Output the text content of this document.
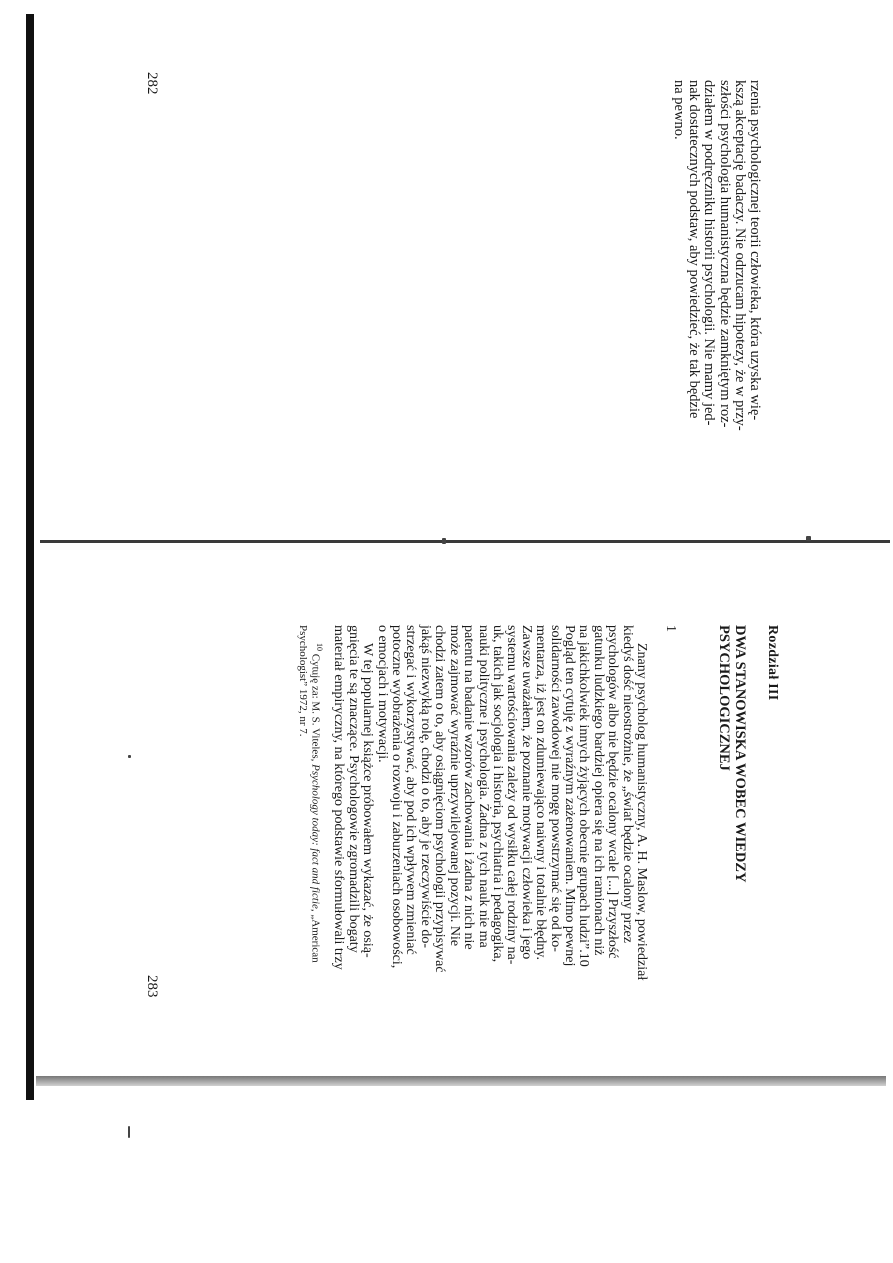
rzenia psychologicznej teorii człowieka, która uzyska wię-
kszą akceptację badaczy. Nie odrzucam hipotezy, że w przy-
szłości psychologia humanistyczna będzie zamkniętym roz-
działem w podręczniku historii psychologii. Nie mamy jed-
nak dostatecznych podstaw, aby powiedzieć, że tak będzie
na pewno.
282
283
Rozdział III
DWA STANOWISKA WOBEC WIEDZY
PSYCHOLOGICZNEJ
1
Znany psycholog humanistyczny, A. H. Maslow, powiedział
kiedyś dość nieostrożnie, że „świat będzie ocalony przez
psychologów albo nie będzie ocalony wcale [...] Przyszłość
gatunku ludzkiego bardziej opiera się na ich ramionach niż
na jakichkolwiek innych żyjących obecnie grupach ludzi”.10
Pogląd ten cytuję z wyraźnym zażenowaniem. Mimo pewnej
solidarności zawodowej nie mogę powstrzymać się od ko-
mentarza, iż jest on zdumiewająco naiwny i totalnie błędny.
Zawsze uważałem, że poznanie motywacji człowieka i jego
systemu wartościowania zależy od wysiłku całej rodziny na-
uk, takich jak socjologia i historia, psychiatria i pedagogika,
nauki polityczne i psychologia. Żadna z tych nauk nie ma
patentu na badanie wzorów zachowania i żadna z nich nie
może zajmować wyraźnie uprzywilejowanej pozycji. Nie
chodzi zatem o to, aby osiągnięciom psychologii przypisywać
jakąś niezwykłą rolę, chodzi o to, aby je rzeczywiście do-
strzegać i wykorzystywać, aby pod ich wpływem zmieniać
potoczne wyobrażenia o rozwoju i zaburzeniach osobowości,
o emocjach i motywacji.
W tej popularnej książce próbowałem wykazać, że osią-
gnięcia te są znaczące. Psychologowie zgromadzili bogaty
materiał empiryczny, na którego podstawie sformułowali trzy
$^{10}$ Cytuję za: M. S. Viteles, Psychology today: fact and fictie, „American
Psychologist” 1972, nr 7.
